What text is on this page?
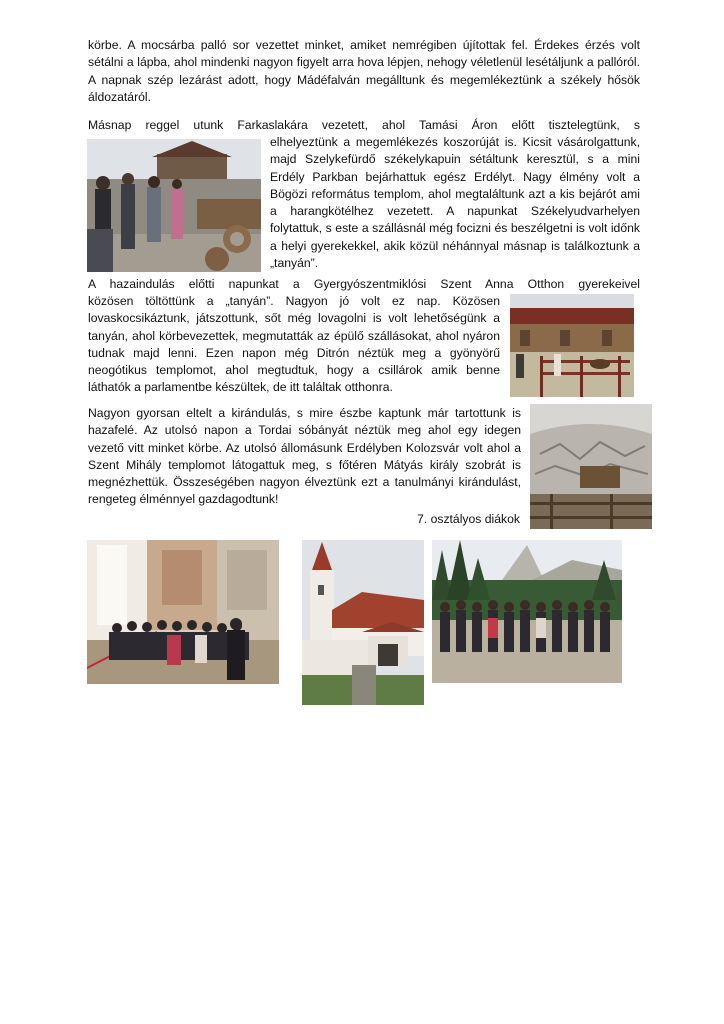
körbe. A mocsárba palló sor vezettet minket, amiket nemrégiben újítottak fel. Érdekes érzés volt sétálni a lápba, ahol mindenki nagyon figyelt arra hova lépjen, nehogy véletlenül lesétáljunk a pallóról. A napnak szép lezárást adott, hogy Mádéfalván megálltunk és megemlékeztünk a székely hősök áldozatáról.

Másnap reggel utunk Farkaslakára vezetett, ahol Tamási Áron előtt tisztelegtünk, s

elhelyeztünk a megemlékezés koszorúját is. Kicsit vásárolgattunk, majd Szelykefürdő székelykapuin sétáltunk keresztül, s a mini Erdély Parkban bejárhattuk egész Erdélyt. Nagy élmény volt a Bögözi református templom, ahol megtaláltunk azt a kis bejárót ami a harangkötélhez vezetett. A napunkat Székelyudvarhelyen folytattuk, s este a szállásnál még focizni és beszélgetni is volt időnk a helyi gyerekekkel, akik közül néhánnyal másnap is találkoztunk a „tanyán”.

A hazaindulás előtti napunkat a Gyergyószentmiklósi Szent Anna Otthon gyerekeivel

közösen töltöttünk a „tanyán”. Nagyon jó volt ez nap. Közösen lovaskocsikáztunk, játszottunk, sőt még lovagolni is volt lehetőségünk a tanyán, ahol körbevezettek, megmutatták az épülő szállásokat, ahol nyáron tudnak majd lenni. Ezen napon még Ditrón néztük meg a gyönyörű neogótikus templomot, ahol megtudtuk, hogy a csillárok amik benne láthatók a parlamentbe készültek, de itt találtak otthonra.

Nagyon gyorsan eltelt a kirándulás, s mire észbe kaptunk már tartottunk is hazafelé. Az utolsó napon a Tordai sóbányát néztük meg ahol egy idegen vezető vitt minket körbe. Az utolsó állomásunk Erdélyben Kolozsvár volt ahol a Szent Mihály templomot látogattuk meg, s főtéren Mátyás király szobrát is megnézhettük. Összeségében nagyon élveztünk ezt a tanulmányi kirándulást, rengeteg élménnyel gazdagodtunk!

7. osztályos diákok
